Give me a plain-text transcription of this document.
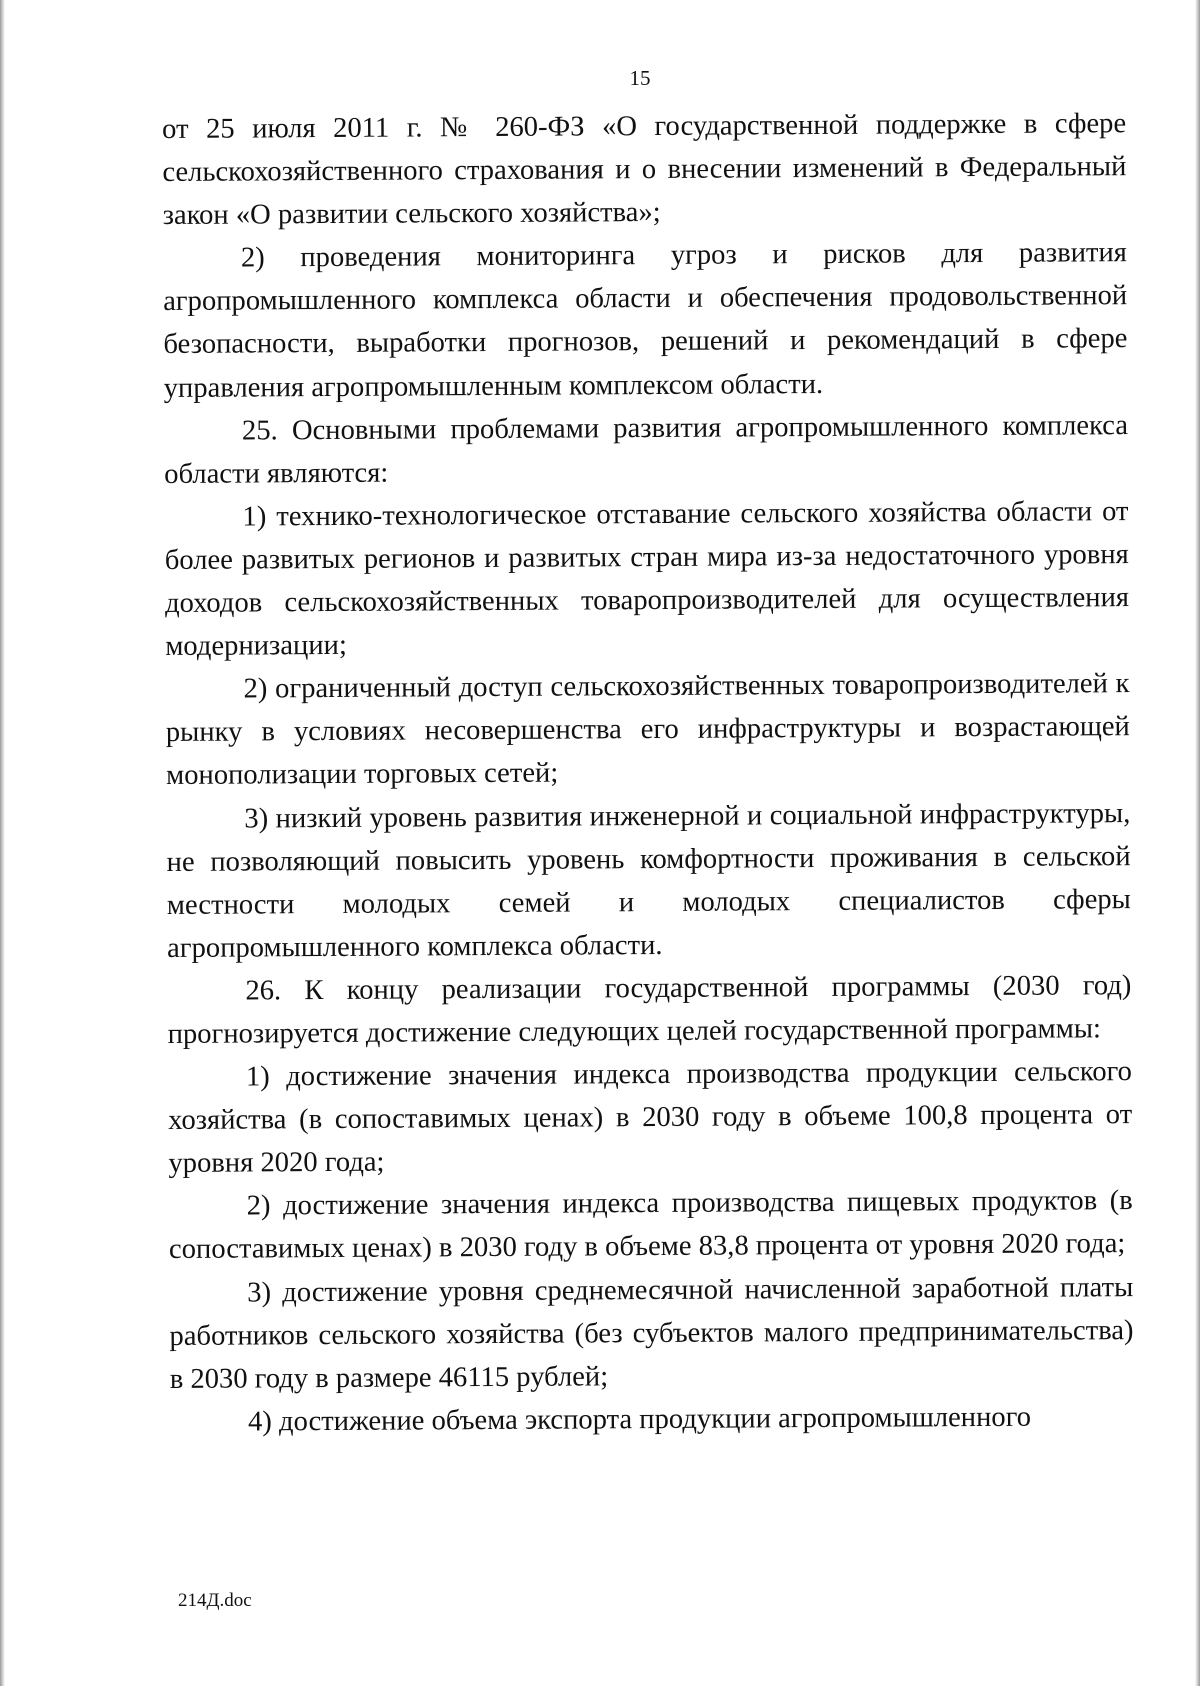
15

от 25 июля 2011 г. № 260-ФЗ «О государственной поддержке в сфере сельскохозяйственного страхования и о внесении изменений в Федеральный закон «О развитии сельского хозяйства»;

2) проведения мониторинга угроз и рисков для развития агропромышленного комплекса области и обеспечения продовольственной безопасности, выработки прогнозов, решений и рекомендаций в сфере управления агропромышленным комплексом области.

25. Основными проблемами развития агропромышленного комплекса области являются:

1) технико-технологическое отставание сельского хозяйства области от более развитых регионов и развитых стран мира из-за недостаточного уровня доходов сельскохозяйственных товаропроизводителей для осуществления модернизации;

2) ограниченный доступ сельскохозяйственных товаропроизводителей к рынку в условиях несовершенства его инфраструктуры и возрастающей монополизации торговых сетей;

3) низкий уровень развития инженерной и социальной инфраструктуры, не позволяющий повысить уровень комфортности проживания в сельской местности молодых семей и молодых специалистов сферы агропромышленного комплекса области.

26. К концу реализации государственной программы (2030 год) прогнозируется достижение следующих целей государственной программы:

1) достижение значения индекса производства продукции сельского хозяйства (в сопоставимых ценах) в 2030 году в объеме 100,8 процента от уровня 2020 года;

2) достижение значения индекса производства пищевых продуктов (в сопоставимых ценах) в 2030 году в объеме 83,8 процента от уровня 2020 года;

3) достижение уровня среднемесячной начисленной заработной платы работников сельского хозяйства (без субъектов малого предпринимательства) в 2030 году в размере 46115 рублей;

4) достижение объема экспорта продукции агропромышленного

214Д.doc
